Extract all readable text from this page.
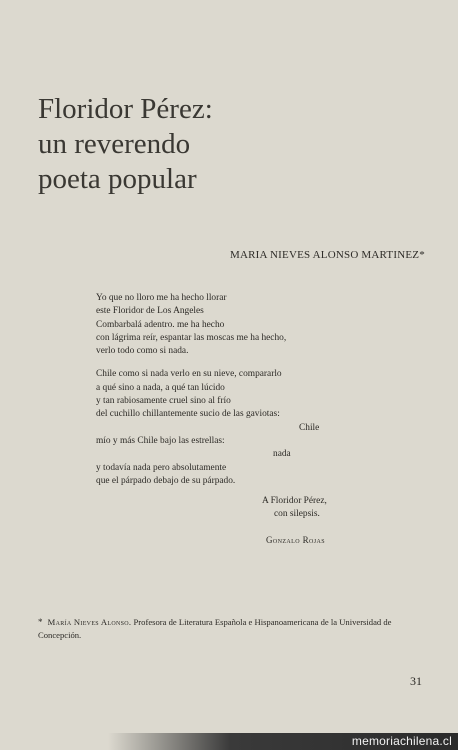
Floridor Pérez:
un reverendo
poeta popular
MARIA NIEVES ALONSO MARTINEZ*
Yo que no lloro me ha hecho llorar
este Floridor de Los Angeles
Combarbalá adentro. me ha hecho
con lágrima reír, espantar las moscas me ha hecho,
verlo todo como si nada.
Chile como si nada verlo en su nieve, compararlo
a qué sino a nada, a qué tan lúcido
y tan rabiosamente cruel sino al frío
del cuchillo chillantemente sucio de las gaviotas:
Chile
mío y más Chile bajo las estrellas:
nada
y todavía nada pero absolutamente
que el párpado debajo de su párpado.
A Floridor Pérez,
con silepsis.
Gonzalo Rojas
* María Nieves Alonso. Profesora de Literatura Española e Hispanoamericana de la Universidad de Concepción.
31
memoriachilena.cl
